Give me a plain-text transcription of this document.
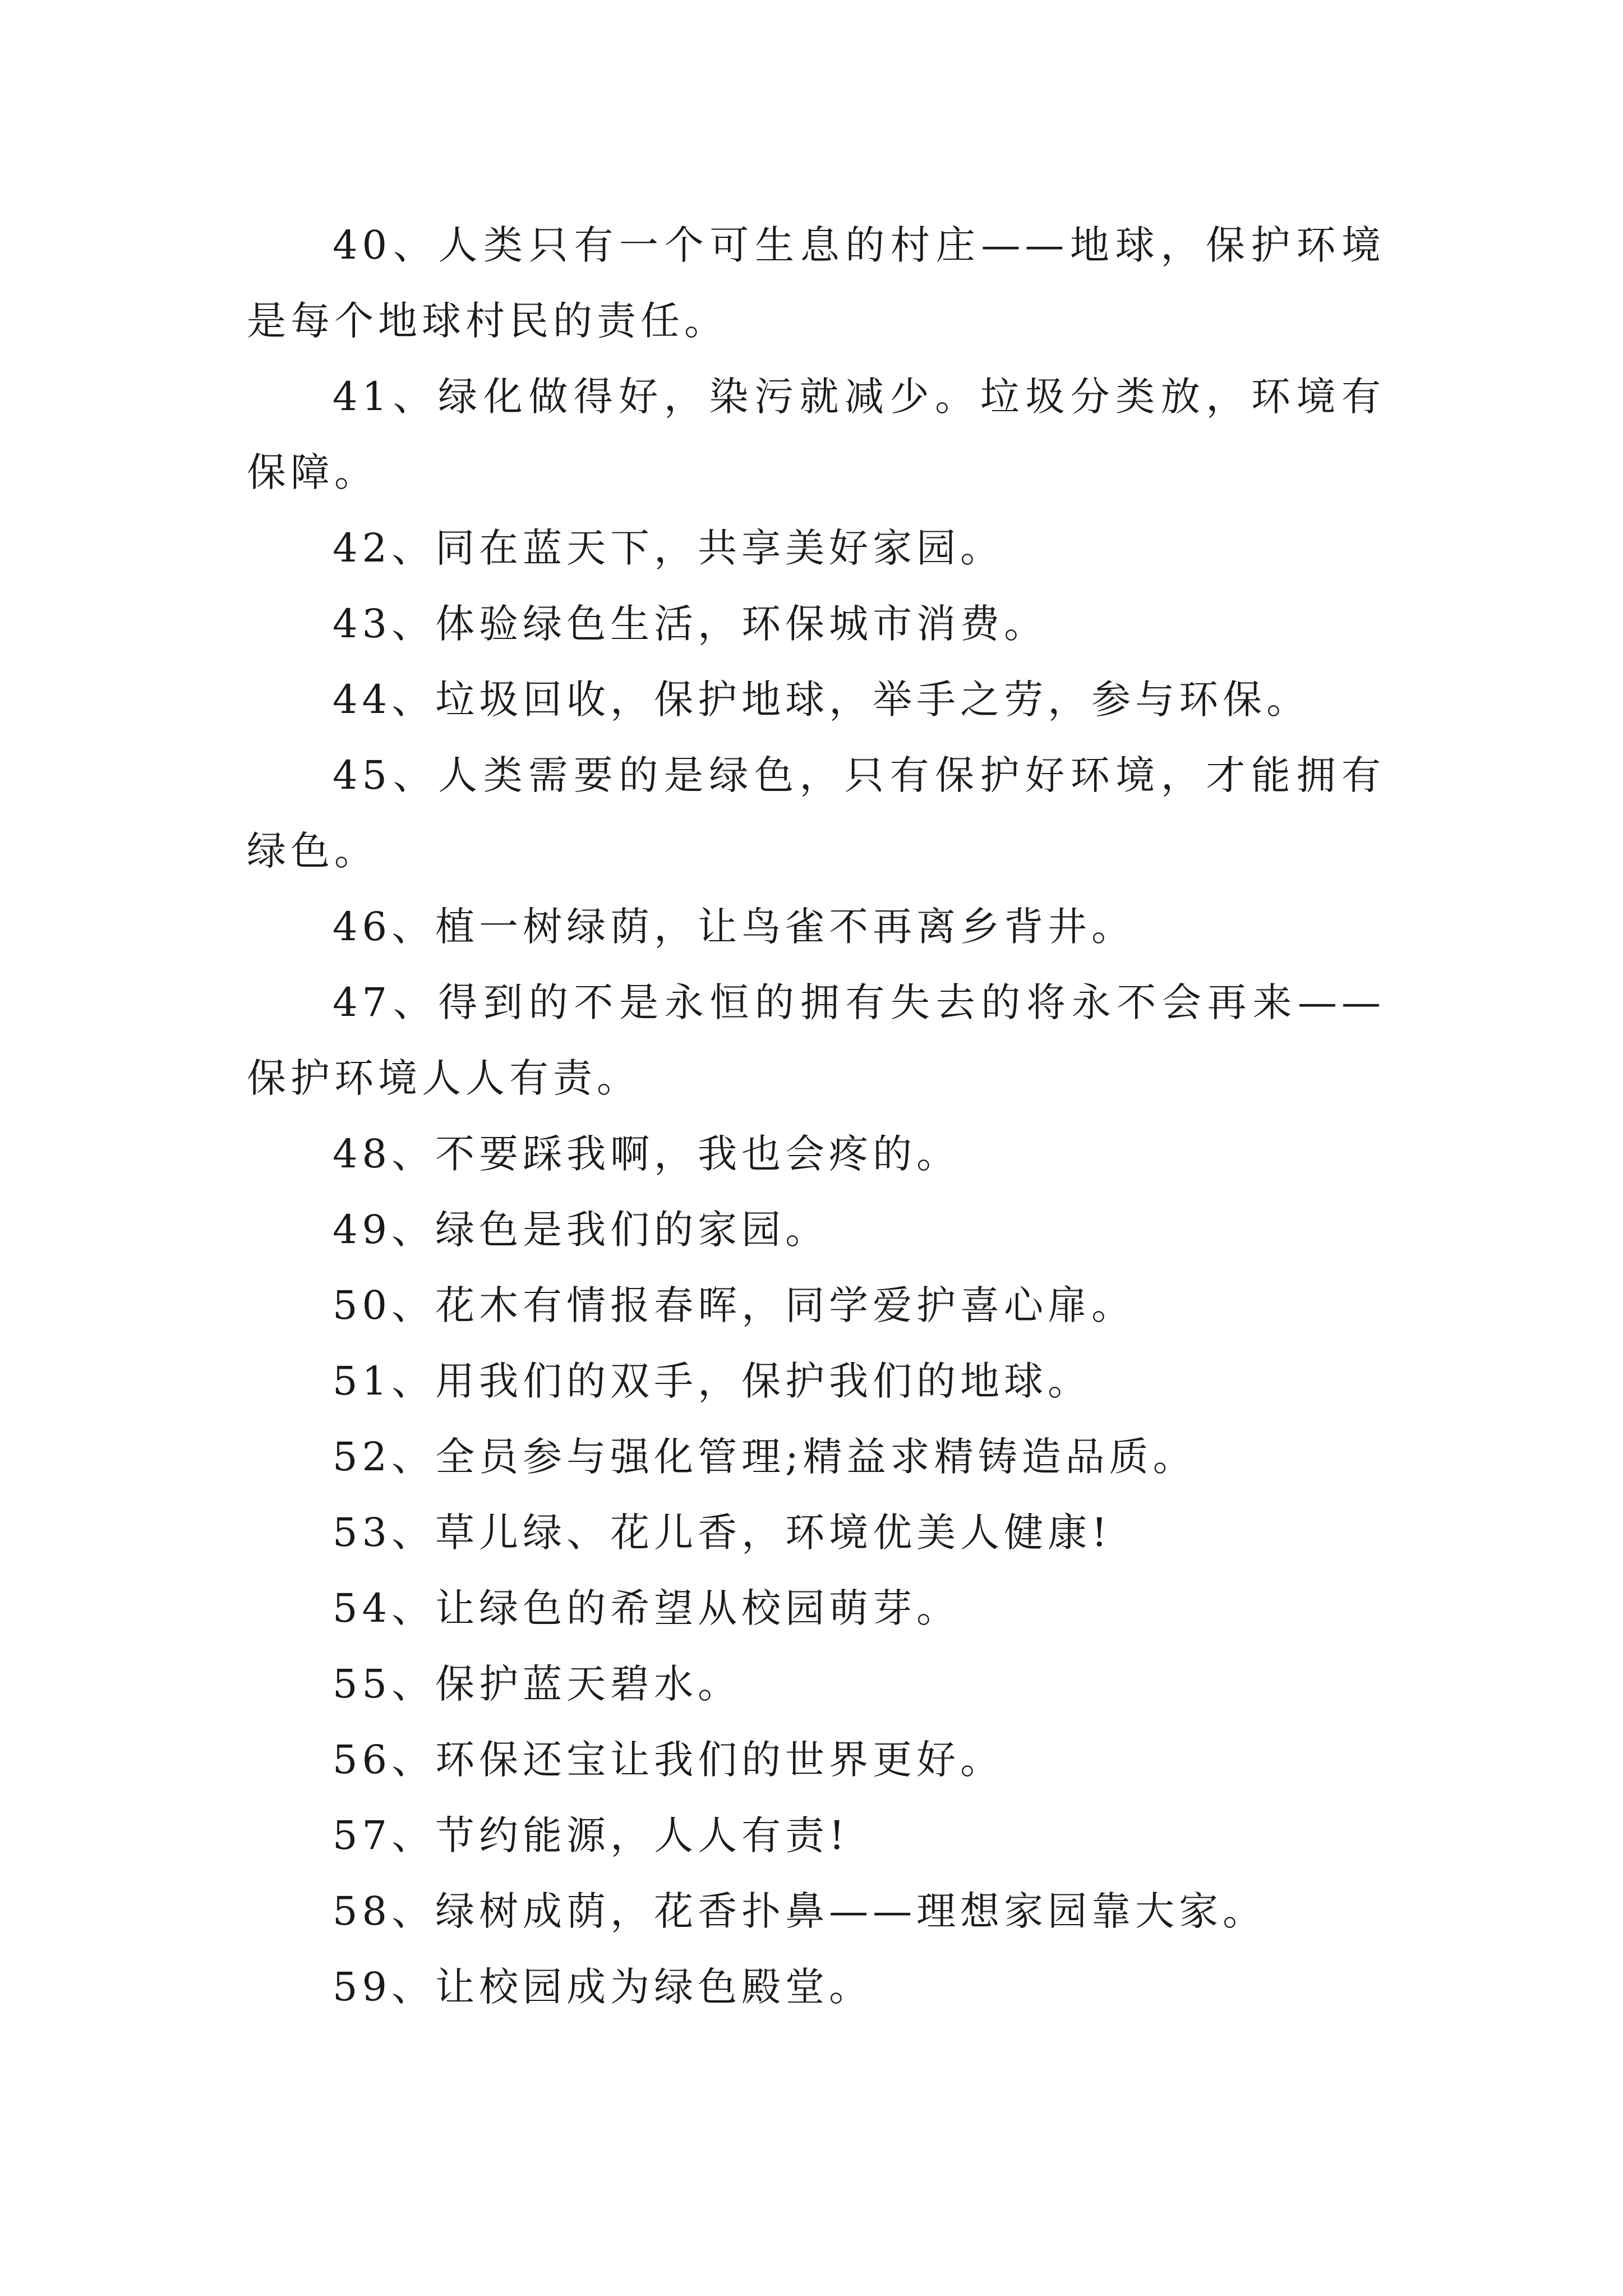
40、人类只有一个可生息的村庄——地球，保护环境是每个地球村民的责任。

41、绿化做得好，染污就减少。垃圾分类放，环境有保障。

42、同在蓝天下，共享美好家园。

43、体验绿色生活，环保城市消费。

44、垃圾回收，保护地球，举手之劳，参与环保。

45、人类需要的是绿色，只有保护好环境，才能拥有绿色。

46、植一树绿荫，让鸟雀不再离乡背井。

47、得到的不是永恒的拥有失去的将永不会再来——保护环境人人有责。

48、不要踩我啊，我也会疼的。

49、绿色是我们的家园。

50、花木有情报春晖，同学爱护喜心扉。

51、用我们的双手，保护我们的地球。

52、全员参与强化管理;精益求精铸造品质。

53、草儿绿、花儿香，环境优美人健康!

54、让绿色的希望从校园萌芽。

55、保护蓝天碧水。

56、环保还宝让我们的世界更好。

57、节约能源，人人有责!

58、绿树成荫，花香扑鼻——理想家园靠大家。

59、让校园成为绿色殿堂。
